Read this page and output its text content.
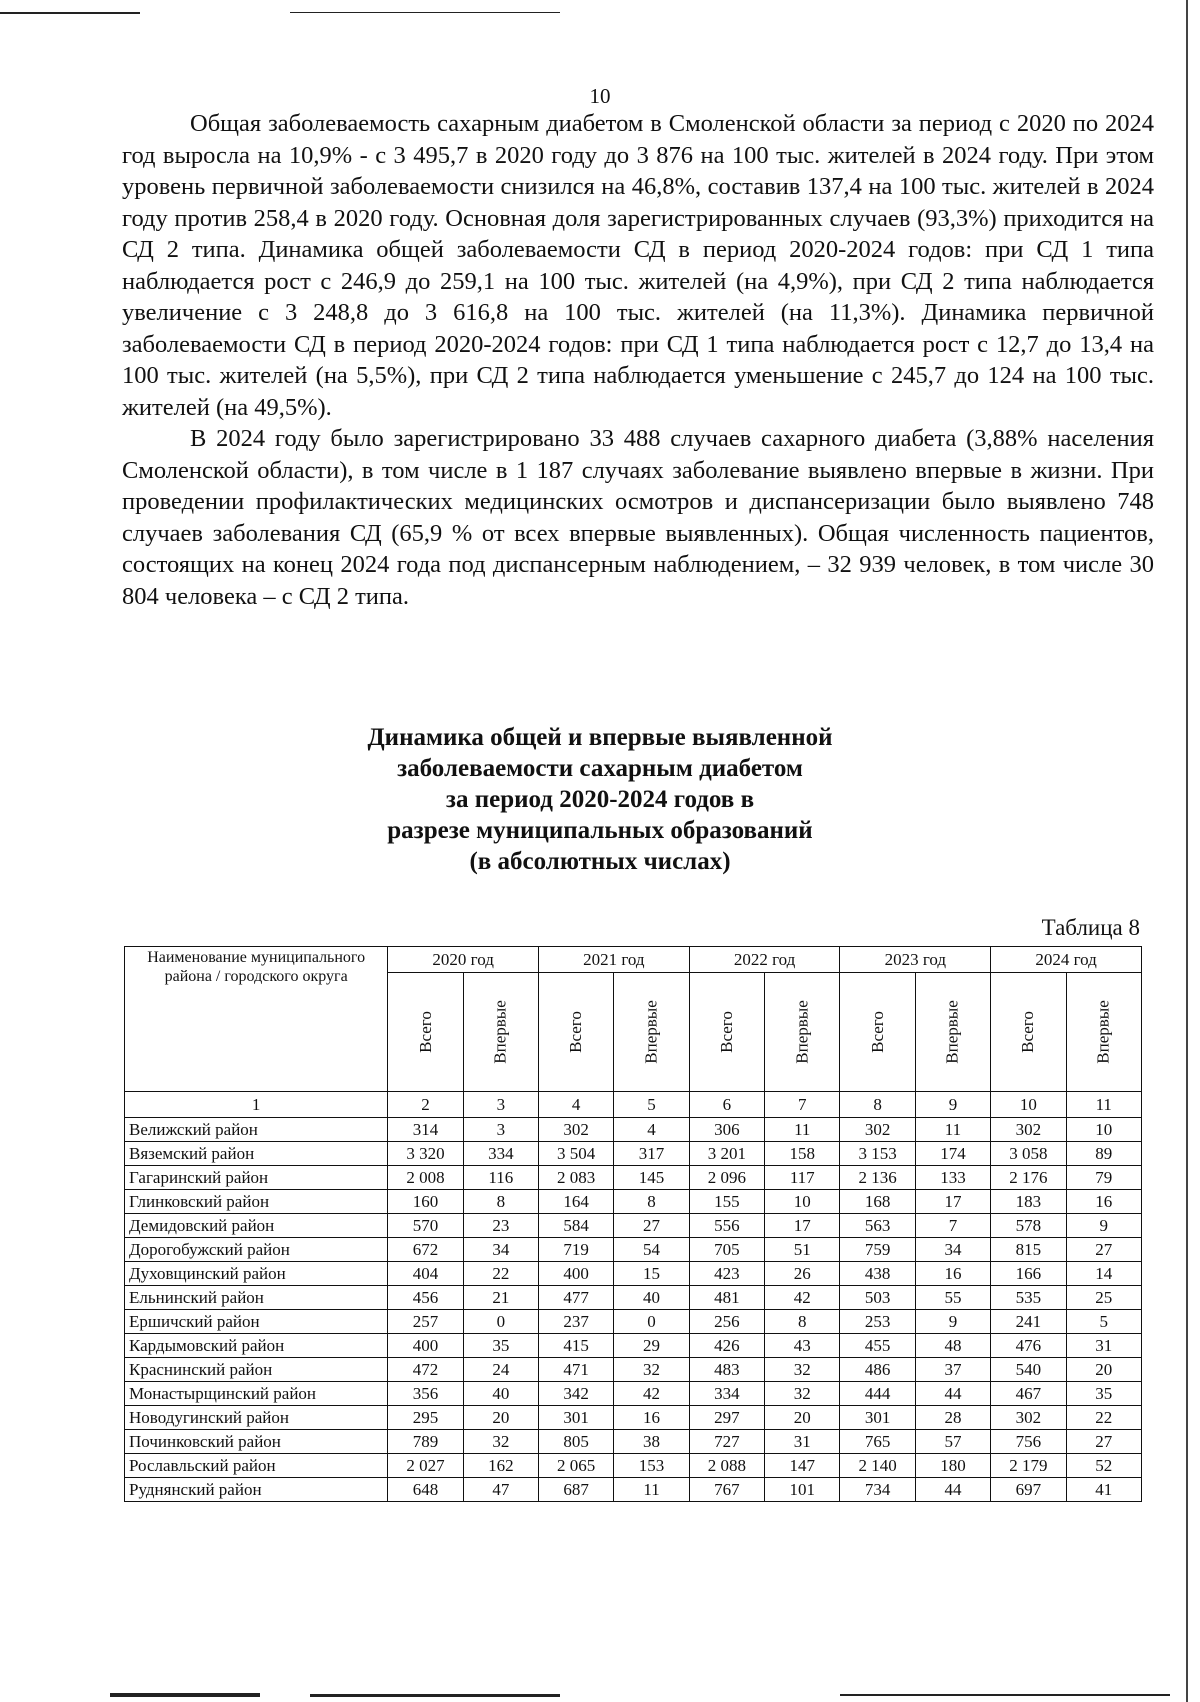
10

Общая заболеваемость сахарным диабетом в Смоленской области за период с 2020 по 2024 год выросла на 10,9% - с 3 495,7 в 2020 году до 3 876 на 100 тыс. жителей в 2024 году. При этом уровень первичной заболеваемости снизился на 46,8%, составив 137,4 на 100 тыс. жителей в 2024 году против 258,4 в 2020 году. Основная доля зарегистрированных случаев (93,3%) приходится на СД 2 типа. Динамика общей заболеваемости СД в период 2020-2024 годов: при СД 1 типа наблюдается рост с 246,9 до 259,1 на 100 тыс. жителей (на 4,9%), при СД 2 типа наблюдается увеличение с 3 248,8 до 3 616,8 на 100 тыс. жителей (на 11,3%). Динамика первичной заболеваемости СД в период 2020-2024 годов: при СД 1 типа наблюдается рост с 12,7 до 13,4 на 100 тыс. жителей (на 5,5%), при СД 2 типа наблюдается уменьшение с 245,7 до 124 на 100 тыс. жителей (на 49,5%).

В 2024 году было зарегистрировано 33 488 случаев сахарного диабета (3,88% населения Смоленской области), в том числе в 1 187 случаях заболевание выявлено впервые в жизни. При проведении профилактических медицинских осмотров и диспансеризации было выявлено 748 случаев заболевания СД (65,9 % от всех впервые выявленных). Общая численность пациентов, состоящих на конец 2024 года под диспансерным наблюдением, – 32 939 человек, в том числе 30 804 человека – с СД 2 типа.

Динамика общей и впервые выявленной
заболеваемости сахарным диабетом
за период 2020-2024 годов в
разрезе муниципальных образований
(в абсолютных числах)
Таблица 8
Наименование муниципального района / городского округа	2020 год		2021 год		2022 год		2023 год		2024 год	
	Всего	Впервые	Всего	Впервые	Всего	Впервые	Всего	Впервые	Всего	Впервые
1	2	3	4	5	6	7	8	9	10	11
Велижский район	314	3	302	4	306	11	302	11	302	10
Вяземский район	3 320	334	3 504	317	3 201	158	3 153	174	3 058	89
Гагаринский район	2 008	116	2 083	145	2 096	117	2 136	133	2 176	79
Глинковский район	160	8	164	8	155	10	168	17	183	16
Демидовский район	570	23	584	27	556	17	563	7	578	9
Дорогобужский район	672	34	719	54	705	51	759	34	815	27
Духовщинский район	404	22	400	15	423	26	438	16	166	14
Ельнинский район	456	21	477	40	481	42	503	55	535	25
Ершичский район	257	0	237	0	256	8	253	9	241	5
Кардымовский район	400	35	415	29	426	43	455	48	476	31
Краснинский район	472	24	471	32	483	32	486	37	540	20
Монастырщинский район	356	40	342	42	334	32	444	44	467	35
Новодугинский район	295	20	301	16	297	20	301	28	302	22
Починковский район	789	32	805	38	727	31	765	57	756	27
Рославльский район	2 027	162	2 065	153	2 088	147	2 140	180	2 179	52
Руднянский район	648	47	687	11	767	101	734	44	697	41
